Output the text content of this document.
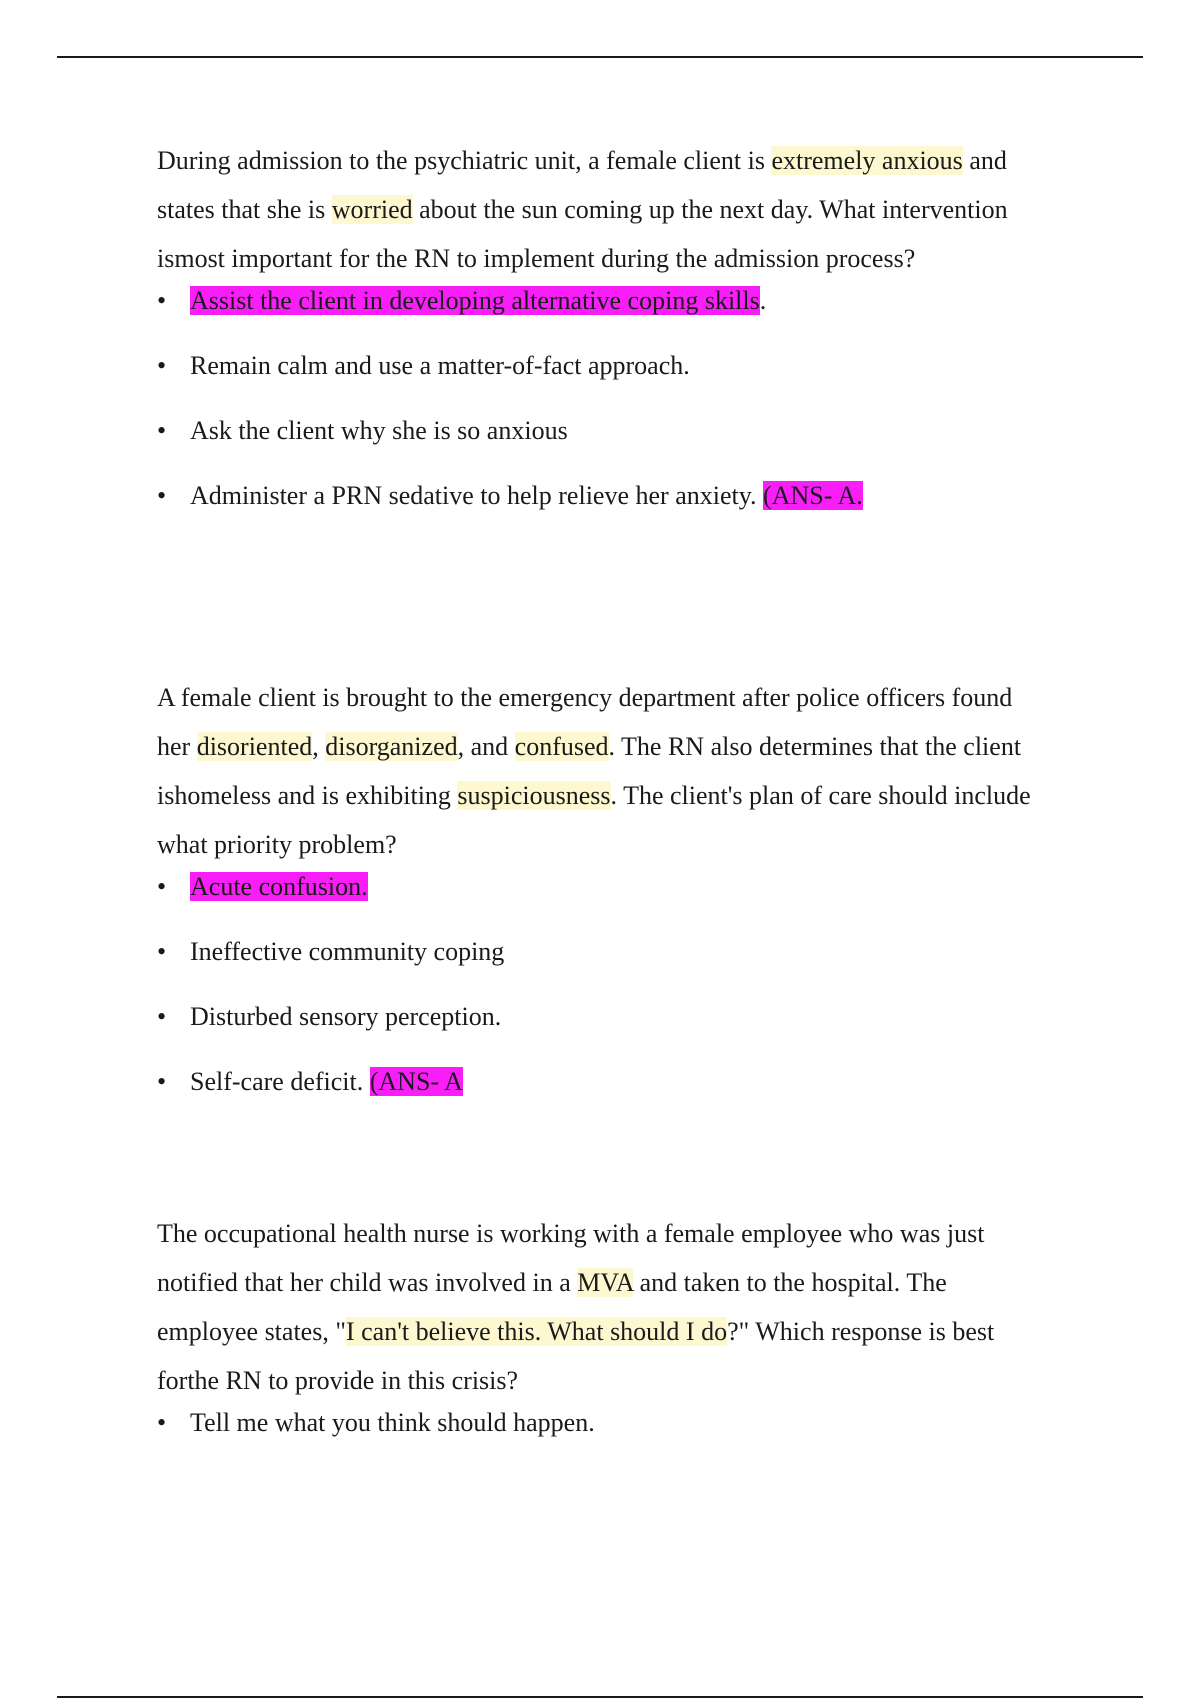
During admission to the psychiatric unit, a female client is extremely anxious and states that she is worried about the sun coming up the next day. What intervention ismost important for the RN to implement during the admission process?

• Assist the client in developing alternative coping skills.
• Remain calm and use a matter-of-fact approach.
• Ask the client why she is so anxious
• Administer a PRN sedative to help relieve her anxiety. (ANS- A.

A female client is brought to the emergency department after police officers found her disoriented, disorganized, and confused. The RN also determines that the client ishomeless and is exhibiting suspiciousness. The client's plan of care should include what priority problem?

• Acute confusion.
• Ineffective community coping
• Disturbed sensory perception.
• Self-care deficit. (ANS- A

The occupational health nurse is working with a female employee who was just notified that her child was involved in a MVA and taken to the hospital. The employee states, "I can't believe this. What should I do?" Which response is best forthe RN to provide in this crisis?

• Tell me what you think should happen.
